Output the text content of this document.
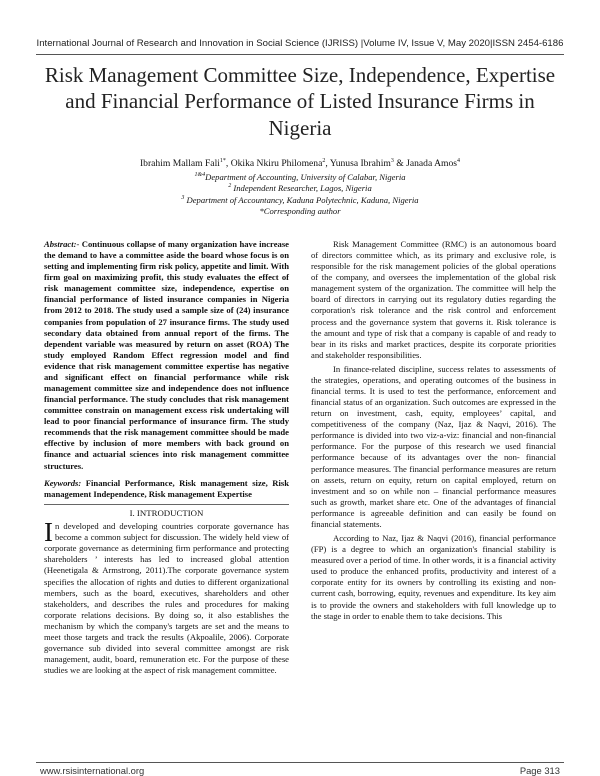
International Journal of Research and Innovation in Social Science (IJRISS) |Volume IV, Issue V, May 2020|ISSN 2454-6186
Risk Management Committee Size, Independence, Expertise and Financial Performance of Listed Insurance Firms in Nigeria
Ibrahim Mallam Fali$^{1*}$, Okika Nkiru Philomena$^2$, Yunusa Ibrahim$^3$ & Janada Amos$^4$
$^{1\&4}$Department of Accounting, University of Calabar, Nigeria
$^2$ Independent Researcher, Lagos, Nigeria
$^3$ Department of Accountancy, Kaduna Polytechnic, Kaduna, Nigeria
*Corresponding author

Abstract:- Continuous collapse of many organization have increase the demand to have a committee aside the board whose focus is on setting and implementing firm risk policy, appetite and limit. With firm goal on maximizing profit, this study evaluates the effect of risk management committee size, independence, expertise on financial performance of listed insurance companies in Nigeria from 2012 to 2018. The study used a sample size of (24) insurance companies from population of 27 insurance firms. The study used secondary data obtained from annual report of the firms. The dependent variable was measured by return on asset (ROA) The study employed Random Effect regression model and find evidence that risk management committee expertise has negative and significant effect on financial performance while risk management committee size and independence does not influence financial performance. The study concludes that risk management committee constrain on management excess risk undertaking will lead to poor financial performance of insurance firm. The study recommends that the risk management committee should be made effective by inclusion of more members with back ground on finance and actuarial sciences into risk management committee structures.

Keywords: Financial Performance, Risk management size, Risk management Independence, Risk management Expertise

I. INTRODUCTION

In developed and developing countries corporate governance has become a common subject for discussion. The widely held view of corporate governance as determining firm performance and protecting shareholders ’ interests has led to increased global attention (Heenetigala & Armstrong, 2011).The corporate governance system specifies the allocation of rights and duties to different organizational members, such as the board, executives, shareholders and other stakeholders, and describes the rules and procedures for making corporate relations decisions. By doing so, it also establishes the mechanism by which the company's targets are set and the means to meet those targets and track the results (Akpoalile, 2006). Corporate governance sub divided into several committee amongst are risk management, audit, board, remuneration etc. For the purpose of these studies we are looking at the aspect of risk management committee.

Risk Management Committee (RMC) is an autonomous board of directors committee which, as its primary and exclusive role, is responsible for the risk management policies of the global operations of the company, and oversees the implementation of the global risk management system of the organization. The committee will help the board of directors in carrying out its regulatory duties regarding the corporation's risk tolerance and the risk control and enforcement process and the governance system that governs it. Risk tolerance is the amount and type of risk that a company is capable of and ready to bear in its risks and market practices, despite its corporate priorities and stakeholder responsibilities.

In finance-related discipline, success relates to assessments of the strategies, operations, and operating outcomes of the business in financial terms. It is used to test the performance, enforcement and financial status of an organization. Such outcomes are expressed in the return on investment, cash, equity, employees’ capital, and competitiveness of the company (Naz, Ijaz & Naqvi, 2016). The performance is divided into two viz-a-viz: financial and non-financial performance. For the purpose of this research we used financial performance because of its advantages over the non- financial performance measures. The financial performance measures are return on assets, return on equity, return on capital employed, return on investment and so on while non – financial performance measures such as growth, market share etc. One of the advantages of financial performance is agreeable definition and can easily be found on financial statements.

According to Naz, Ijaz & Naqvi (2016), financial performance (FP) is a degree to which an organization's financial stability is measured over a period of time. In other words, it is a financial activity used to produce the enhanced profits, productivity and interest of a corporate entity for its owners by controlling its existing and non-current cash, borrowing, equity, revenues and expenditure. Its key aim is to provide the owners and stakeholders with full knowledge up to the stage in order to enable them to take decisions. This

www.rsisinternational.org	Page 313
